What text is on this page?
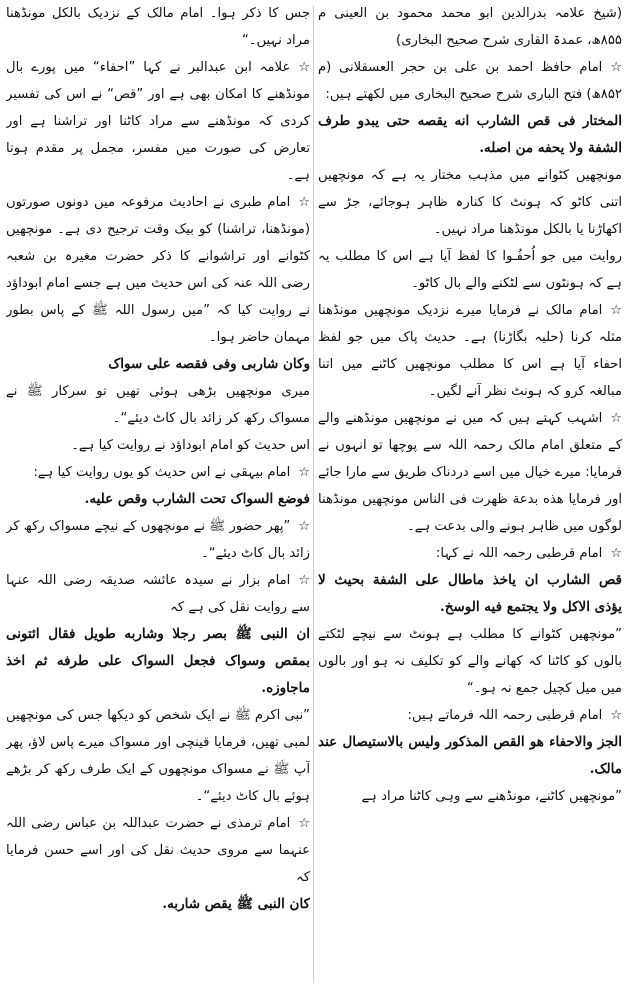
(شیخ علامہ بدرالدین ابو محمد محمود بن العینی م ۸۵۵ھ، عمدۃ القاری شرح صحیح البخاری)

☆امام حافظ احمد بن علی بن حجر العسقلانی (م ۸۵۲ھ) فتح الباری شرح صحیح البخاری میں لکھتے ہیں:

المختار فی قص الشارب انه یقصه حتی یبدو طرف الشفة ولا یحفه من اصله.

مونچھیں کٹوانے میں مذہب مختار یہ ہے کہ مونچھیں اتنی کاٹو کہ ہونٹ کا کنارہ ظاہر ہوجائے، جڑ سے اکھاڑنا یا بالکل مونڈھنا مراد نہیں۔

روایت میں جو اُحفُـوا کا لفظ آیا ہے اس کا مطلب یہ ہے کہ ہونٹوں سے لٹکنے والے بال کاٹو۔

☆امام مالک نے فرمایا میرے نزدیک مونچھیں مونڈھنا مثلہ کرنا (حلیہ بگاڑنا) ہے۔ حدیث پاک میں جو لفظ احفاء آیا ہے اس کا مطلب مونچھیں کاٹنے میں اتنا مبالغہ کرو کہ ہونٹ نظر آنے لگیں۔

☆اشہب کہتے ہیں کہ میں نے مونچھیں مونڈھنے والے کے متعلق امام مالک رحمہ اللہ سے پوچھا تو انہوں نے فرمایا: میرے خیال میں اسے دردناک طریق سے مارا جائے اور فرمایا هذه بدعة ظهرت فی الناس مونچھیں مونڈھنا لوگوں میں ظاہر ہونے والی بدعت ہے۔

☆امام قرطبی رحمہ اللہ نے کہا:

قص الشارب ان یاخذ ماطال علی الشفة بحیث لا یؤذی الاکل ولا یجتمع فیه الوسخ.

”مونچھیں کٹوانے کا مطلب ہے ہونٹ سے نیچے لٹکتے بالوں کو کاٹنا کہ کھانے والے کو تکلیف نہ ہو اور بالوں میں میل کچیل جمع نہ ہو۔“

☆امام قرطبی رحمہ اللہ فرماتے ہیں:

الجز والاحفاء هو القص المذکور ولیس بالاستیصال عند مالک.

”مونچھیں کاٹنے، مونڈھنے سے وہی کاٹنا مراد ہے

جس کا ذکر ہوا۔ امام مالک کے نزدیک بالکل مونڈھنا مراد نہیں۔“

☆علامہ ابن عبدالبر نے کہا ”احفاء“ میں پورے بال مونڈھنے کا امکان بھی ہے اور ”قص“ نے اس کی تفسیر کردی کہ مونڈھنے سے مراد کاٹنا اور تراشنا ہے اور تعارض کی صورت میں مفسر، مجمل پر مقدم ہوتا ہے۔

☆امام طبری نے احادیث مرفوعہ میں دونوں صورتوں (مونڈھنا، تراشنا) کو بیک وقت ترجیح دی ہے۔ مونچھیں کٹوانے اور تراشوانے کا ذکر حضرت مغیرہ بن شعبہ رضی اللہ عنہ کی اس حدیث میں ہے جسے امام ابوداؤد نے روایت کیا کہ ”میں رسول اللہ ﷺ کے پاس بطور مہمان حاضر ہوا۔

وکان شاربی وفی فقصه علی سواک

میری مونچھیں بڑھی ہوئی تھیں تو سرکار ﷺ نے مسواک رکھ کر زائد بال کاٹ دیئے“۔

اس حدیث کو امام ابوداؤد نے روایت کیا ہے۔

☆امام بیہقی نے اس حدیث کو یوں روایت کیا ہے:

فوضع السواک تحت الشارب وقص علیه.

☆”پھر حضور ﷺ نے مونچھوں کے نیچے مسواک رکھ کر زائد بال کاٹ دیئے“۔

☆امام بزار نے سیدہ عائشہ صدیقہ رضی اللہ عنہا سے روایت نقل کی ہے کہ

ان النبی ﷺ بصر رجلا وشاربه طویل فقال ائتونی بمقص وسواک فجعل السواک علی طرفه ثم اخذ ماجاوزه.

”نبی اکرم ﷺ نے ایک شخص کو دیکھا جس کی مونچھیں لمبی تھیں، فرمایا قینچی اور مسواک میرے پاس لاؤ، پھر آپ ﷺ نے مسواک مونچھوں کے ایک طرف رکھ کر بڑھے ہوئے بال کاٹ دیئے“۔

☆امام ترمذی نے حضرت عبداللہ بن عباس رضی اللہ عنہما سے مروی حدیث نقل کی اور اسے حسن فرمایا کہ

کان النبی ﷺ یقص شاربه.
